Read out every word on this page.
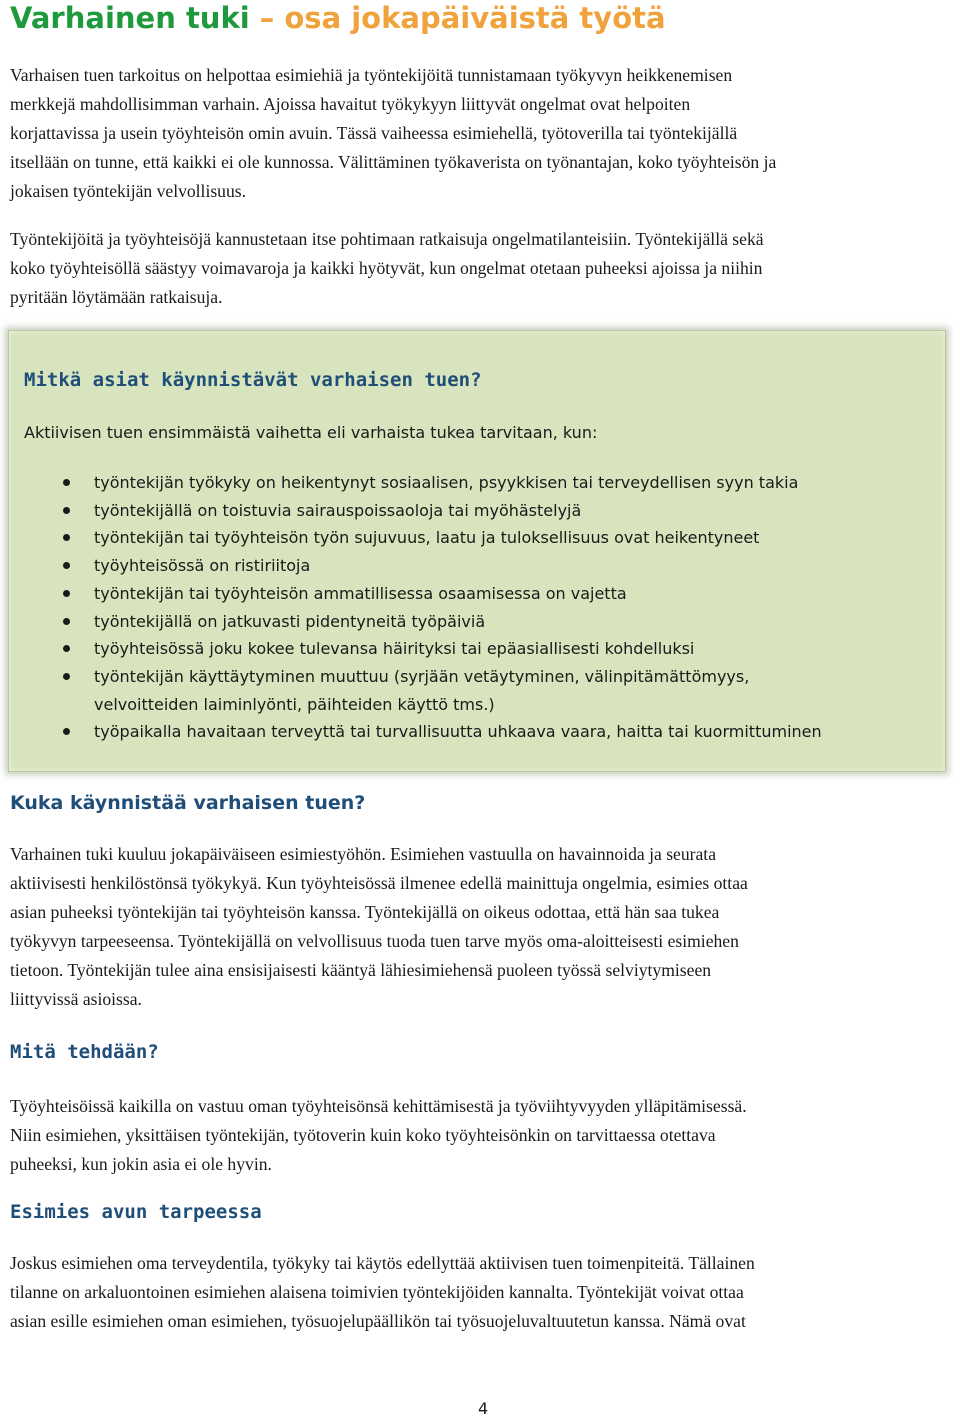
Varhainen tuki – osa jokapäiväistä työtä

Varhaisen tuen tarkoitus on helpottaa esimiehiä ja työntekijöitä tunnistamaan työkyvyn heikkenemisen
merkkejä mahdollisimman varhain. Ajoissa havaitut työkykyyn liittyvät ongelmat ovat helpoiten
korjattavissa ja usein työyhteisön omin avuin. Tässä vaiheessa esimiehellä, työtoverilla tai työntekijällä
itsellään on tunne, että kaikki ei ole kunnossa. Välittäminen työkaverista on työnantajan, koko työyhteisön ja
jokaisen työntekijän velvollisuus.

Työntekijöitä ja työyhteisöjä kannustetaan itse pohtimaan ratkaisuja ongelmatilanteisiin. Työntekijällä sekä
koko työyhteisöllä säästyy voimavaroja ja kaikki hyötyvät, kun ongelmat otetaan puheeksi ajoissa ja niihin
pyritään löytämään ratkaisuja.

Mitkä asiat käynnistävät varhaisen tuen?

Aktiivisen tuen ensimmäistä vaihetta eli varhaista tukea tarvitaan, kun:

työntekijän työkyky on heikentynyt sosiaalisen, psyykkisen tai terveydellisen syyn takia
työntekijällä on toistuvia sairauspoissaoloja tai myöhästelyjä
työntekijän tai työyhteisön työn sujuvuus, laatu ja tuloksellisuus ovat heikentyneet
työyhteisössä on ristiriitoja
työntekijän tai työyhteisön ammatillisessa osaamisessa on vajetta
työntekijällä on jatkuvasti pidentyneitä työpäiviä
työyhteisössä joku kokee tulevansa häirityksi tai epäasiallisesti kohdelluksi
työntekijän käyttäytyminen muuttuu (syrjään vetäytyminen, välinpitämättömyys,
velvoitteiden laiminlyönti, päihteiden käyttö tms.)
työpaikalla havaitaan terveyttä tai turvallisuutta uhkaava vaara, haitta tai kuormittuminen
Kuka käynnistää varhaisen tuen?

Varhainen tuki kuuluu jokapäiväiseen esimiestyöhön. Esimiehen vastuulla on havainnoida ja seurata
aktiivisesti henkilöstönsä työkykyä. Kun työyhteisössä ilmenee edellä mainittuja ongelmia, esimies ottaa
asian puheeksi työntekijän tai työyhteisön kanssa. Työntekijällä on oikeus odottaa, että hän saa tukea
työkyvyn tarpeeseensa. Työntekijällä on velvollisuus tuoda tuen tarve myös oma-aloitteisesti esimiehen
tietoon. Työntekijän tulee aina ensisijaisesti kääntyä lähiesimiehensä puoleen työssä selviytymiseen
liittyvissä asioissa.

Mitä tehdään?

Työyhteisöissä kaikilla on vastuu oman työyhteisönsä kehittämisestä ja työviihtyvyyden ylläpitämisessä.
Niin esimiehen, yksittäisen työntekijän, työtoverin kuin koko työyhteisönkin on tarvittaessa otettava
puheeksi, kun jokin asia ei ole hyvin.

Esimies avun tarpeessa

Joskus esimiehen oma terveydentila, työkyky tai käytös edellyttää aktiivisen tuen toimenpiteitä. Tällainen
tilanne on arkaluontoinen esimiehen alaisena toimivien työntekijöiden kannalta. Työntekijät voivat ottaa
asian esille esimiehen oman esimiehen, työsuojelupäällikön tai työsuojeluvaltuutetun kanssa. Nämä ovat

4
